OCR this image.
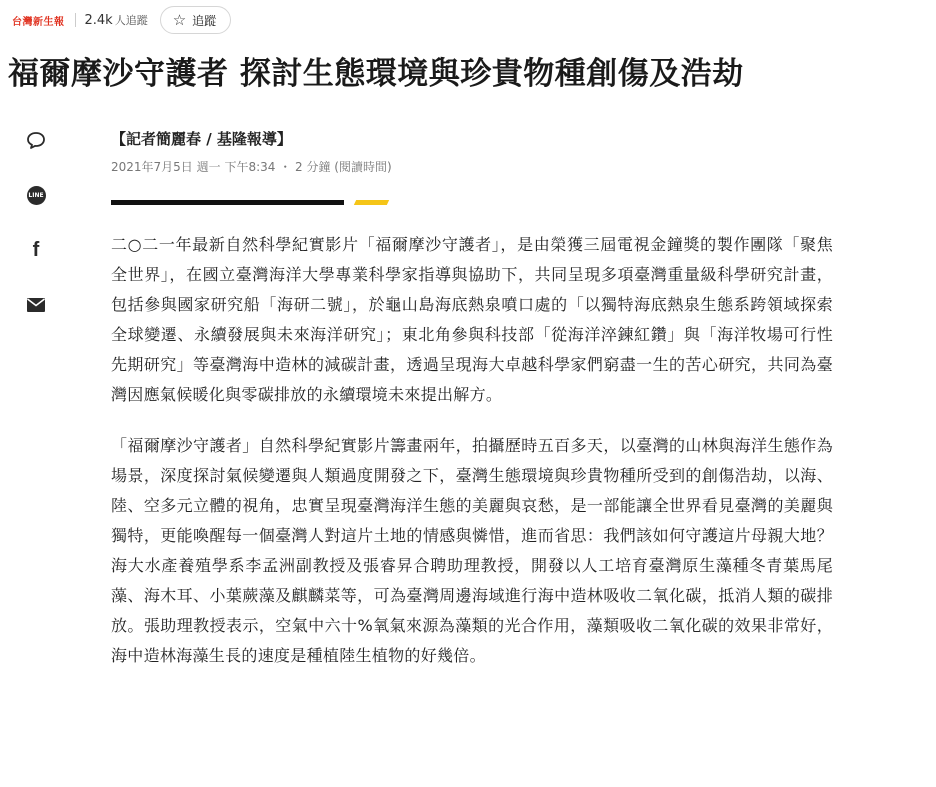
台灣新生報 2.4k 人追蹤 ☆ 追蹤
福爾摩沙守護者 探討生態環境與珍貴物種創傷及浩劫
LINE
f

【記者簡麗春 / 基隆報導】

2021年7月5日 週一 下午8:34 ・ 2 分鐘 (閱讀時間)

二○二一年最新自然科學紀實影片「福爾摩沙守護者」，是由榮獲三屆電視金鐘獎的製作團隊「聚焦全世界」，在國立臺灣海洋大學專業科學家指導與協助下，共同呈現多項臺灣重量級科學研究計畫，包括參與國家研究船「海研二號」，於龜山島海底熱泉噴口處的「以獨特海底熱泉生態系跨領域探索全球變遷、永續發展與未來海洋研究」；東北角參與科技部「從海洋淬鍊紅鑽」與「海洋牧場可行性先期研究」等臺灣海中造林的減碳計畫，透過呈現海大卓越科學家們窮盡一生的苦心研究，共同為臺灣因應氣候暖化與零碳排放的永續環境未來提出解方。

「福爾摩沙守護者」自然科學紀實影片籌畫兩年，拍攝歷時五百多天，以臺灣的山林與海洋生態作為場景，深度探討氣候變遷與人類過度開發之下，臺灣生態環境與珍貴物種所受到的創傷浩劫，以海、陸、空多元立體的視角，忠實呈現臺灣海洋生態的美麗與哀愁，是一部能讓全世界看見臺灣的美麗與獨特，更能喚醒每一個臺灣人對這片土地的情感與憐惜，進而省思：我們該如何守護這片母親大地？海大水產養殖學系李孟洲副教授及張睿昇合聘助理教授，開發以人工培育臺灣原生藻種冬青葉馬尾藻、海木耳、小葉蕨藻及麒麟菜等，可為臺灣周邊海域進行海中造林吸收二氧化碳，抵消人類的碳排放。張助理教授表示，空氣中六十%氧氣來源為藻類的光合作用，藻類吸收二氧化碳的效果非常好，海中造林海藻生長的速度是種植陸生植物的好幾倍。
